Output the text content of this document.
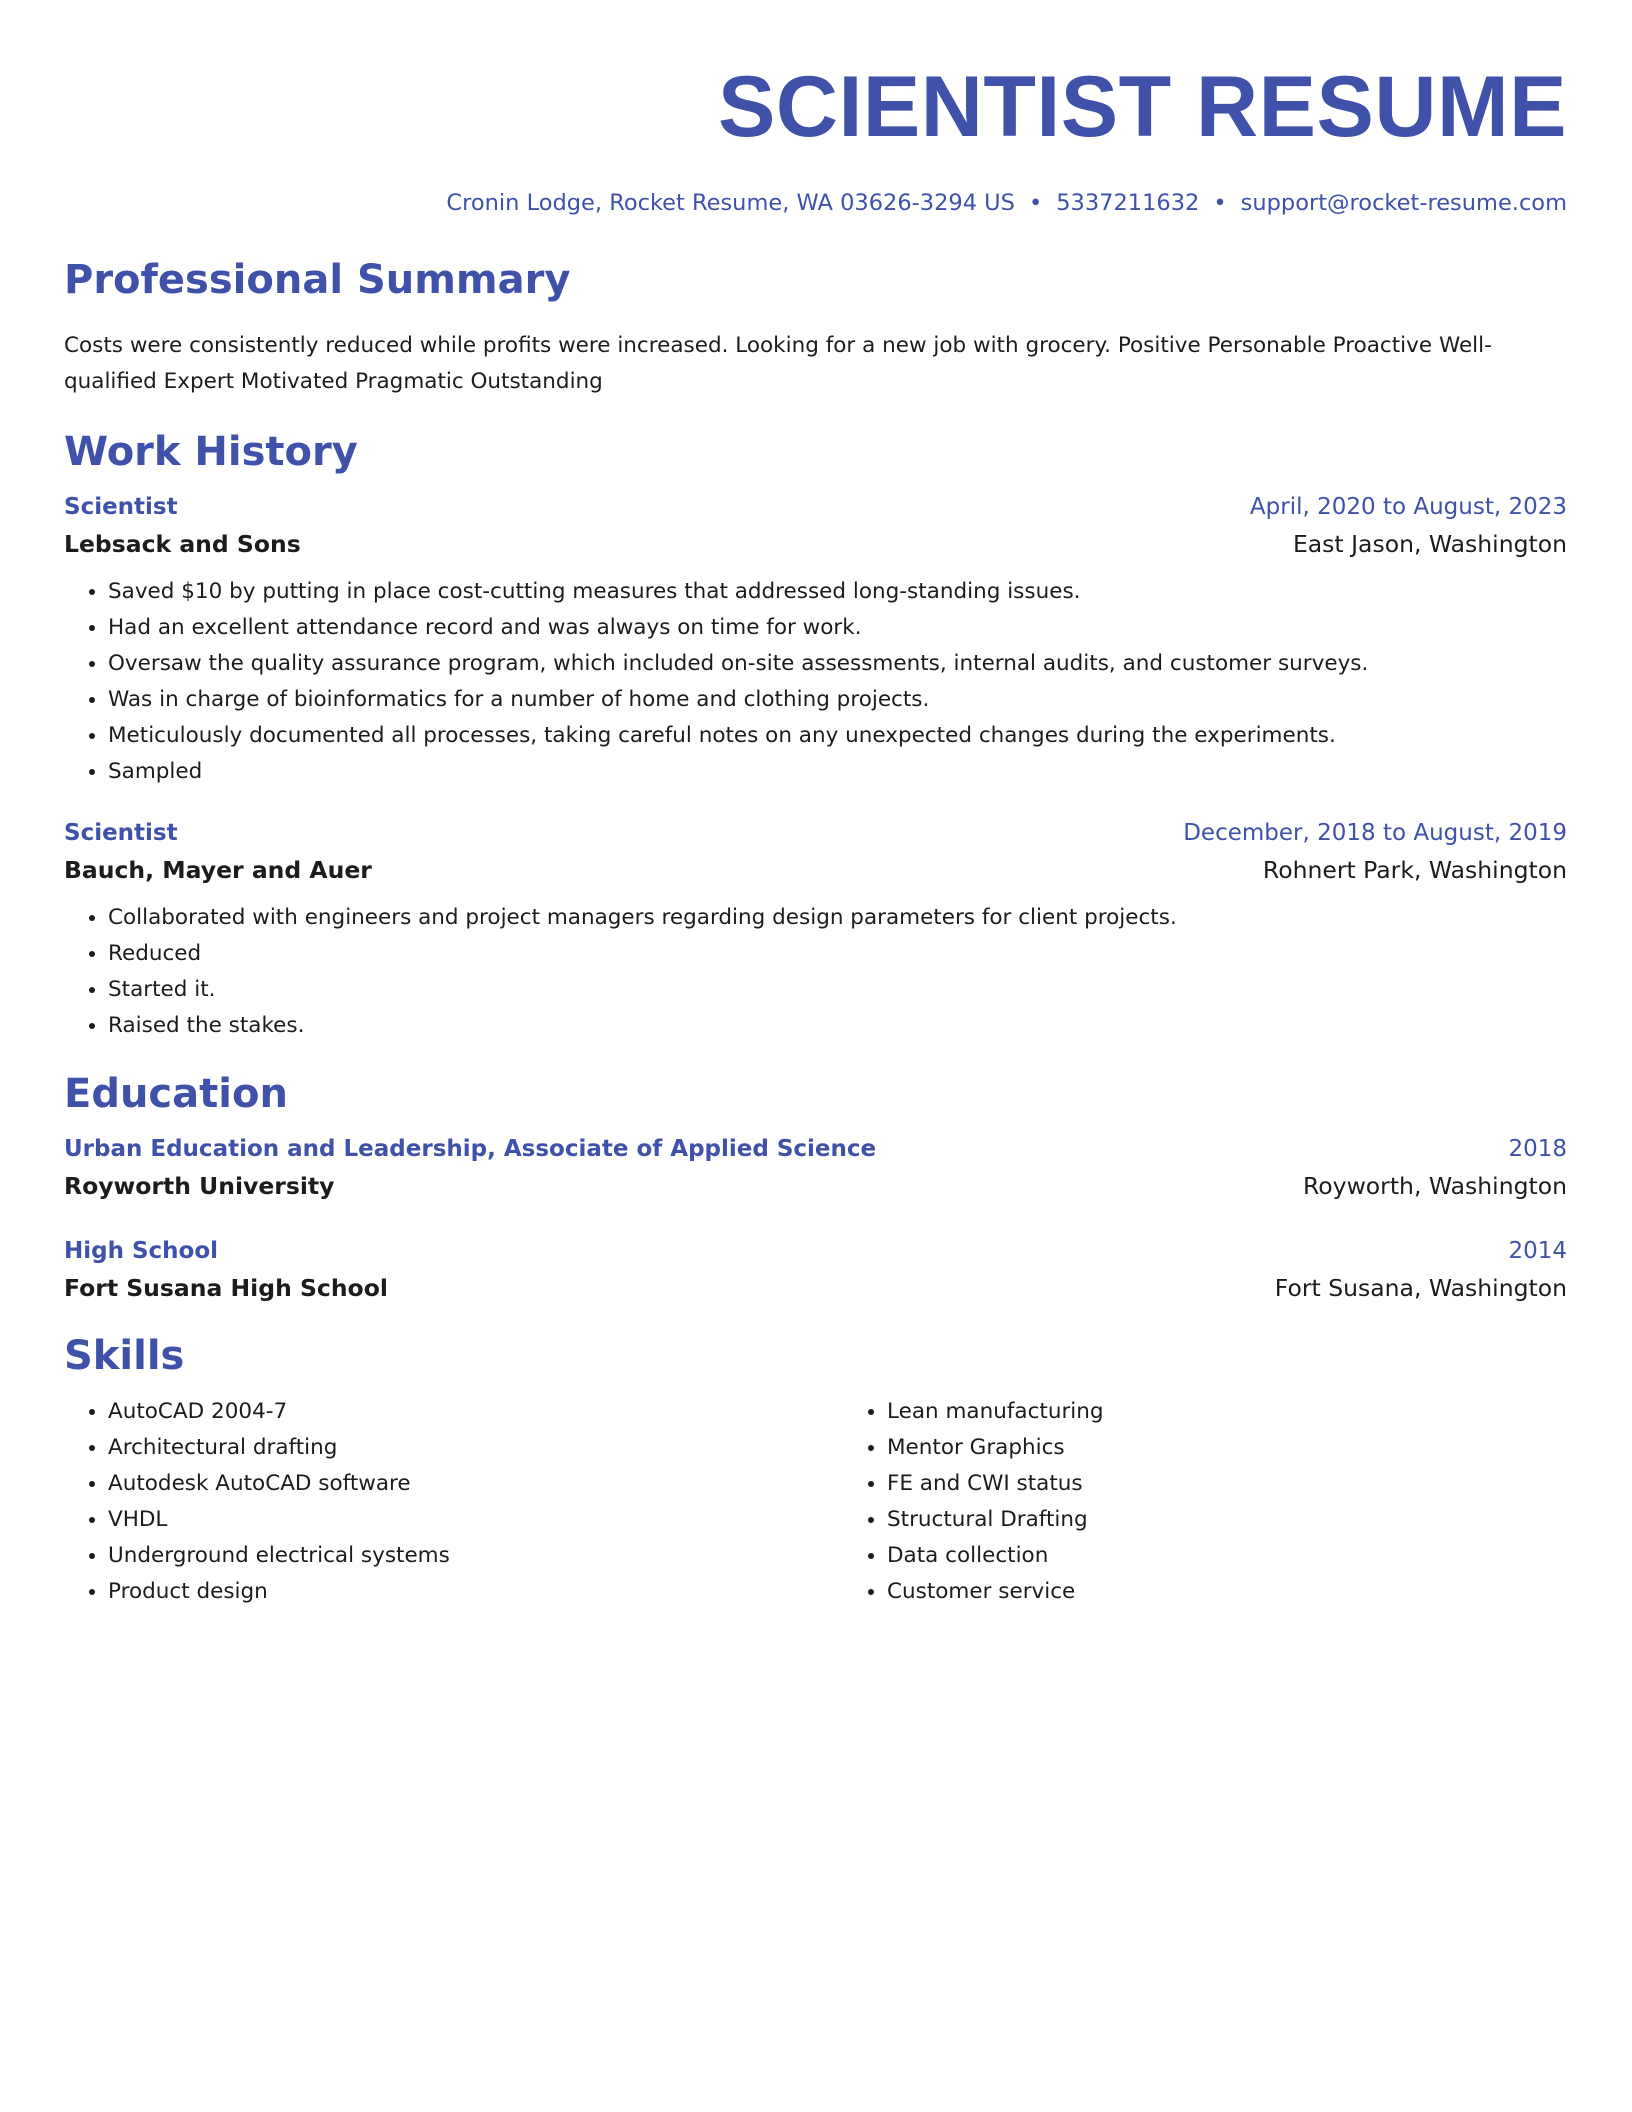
SCIENTIST RESUME
Cronin Lodge, Rocket Resume, WA 03626-3294 US • 5337211632 • support@rocket-resume.com
Professional Summary
Costs were consistently reduced while profits were increased. Looking for a new job with grocery. Positive Personable Proactive Well-qualified Expert Motivated Pragmatic Outstanding
Work History
Scientist	April, 2020 to August, 2023
Lebsack and Sons	East Jason, Washington
• Saved $10 by putting in place cost-cutting measures that addressed long-standing issues.
• Had an excellent attendance record and was always on time for work.
• Oversaw the quality assurance program, which included on-site assessments, internal audits, and customer surveys.
• Was in charge of bioinformatics for a number of home and clothing projects.
• Meticulously documented all processes, taking careful notes on any unexpected changes during the experiments.
• Sampled
Scientist	December, 2018 to August, 2019
Bauch, Mayer and Auer	Rohnert Park, Washington
• Collaborated with engineers and project managers regarding design parameters for client projects.
• Reduced
• Started it.
• Raised the stakes.
Education
Urban Education and Leadership, Associate of Applied Science	2018
Royworth University	Royworth, Washington
High School	2014
Fort Susana High School	Fort Susana, Washington
Skills
• AutoCAD 2004-7
• Architectural drafting
• Autodesk AutoCAD software
• VHDL
• Underground electrical systems
• Product design
• Lean manufacturing
• Mentor Graphics
• FE and CWI status
• Structural Drafting
• Data collection
• Customer service
